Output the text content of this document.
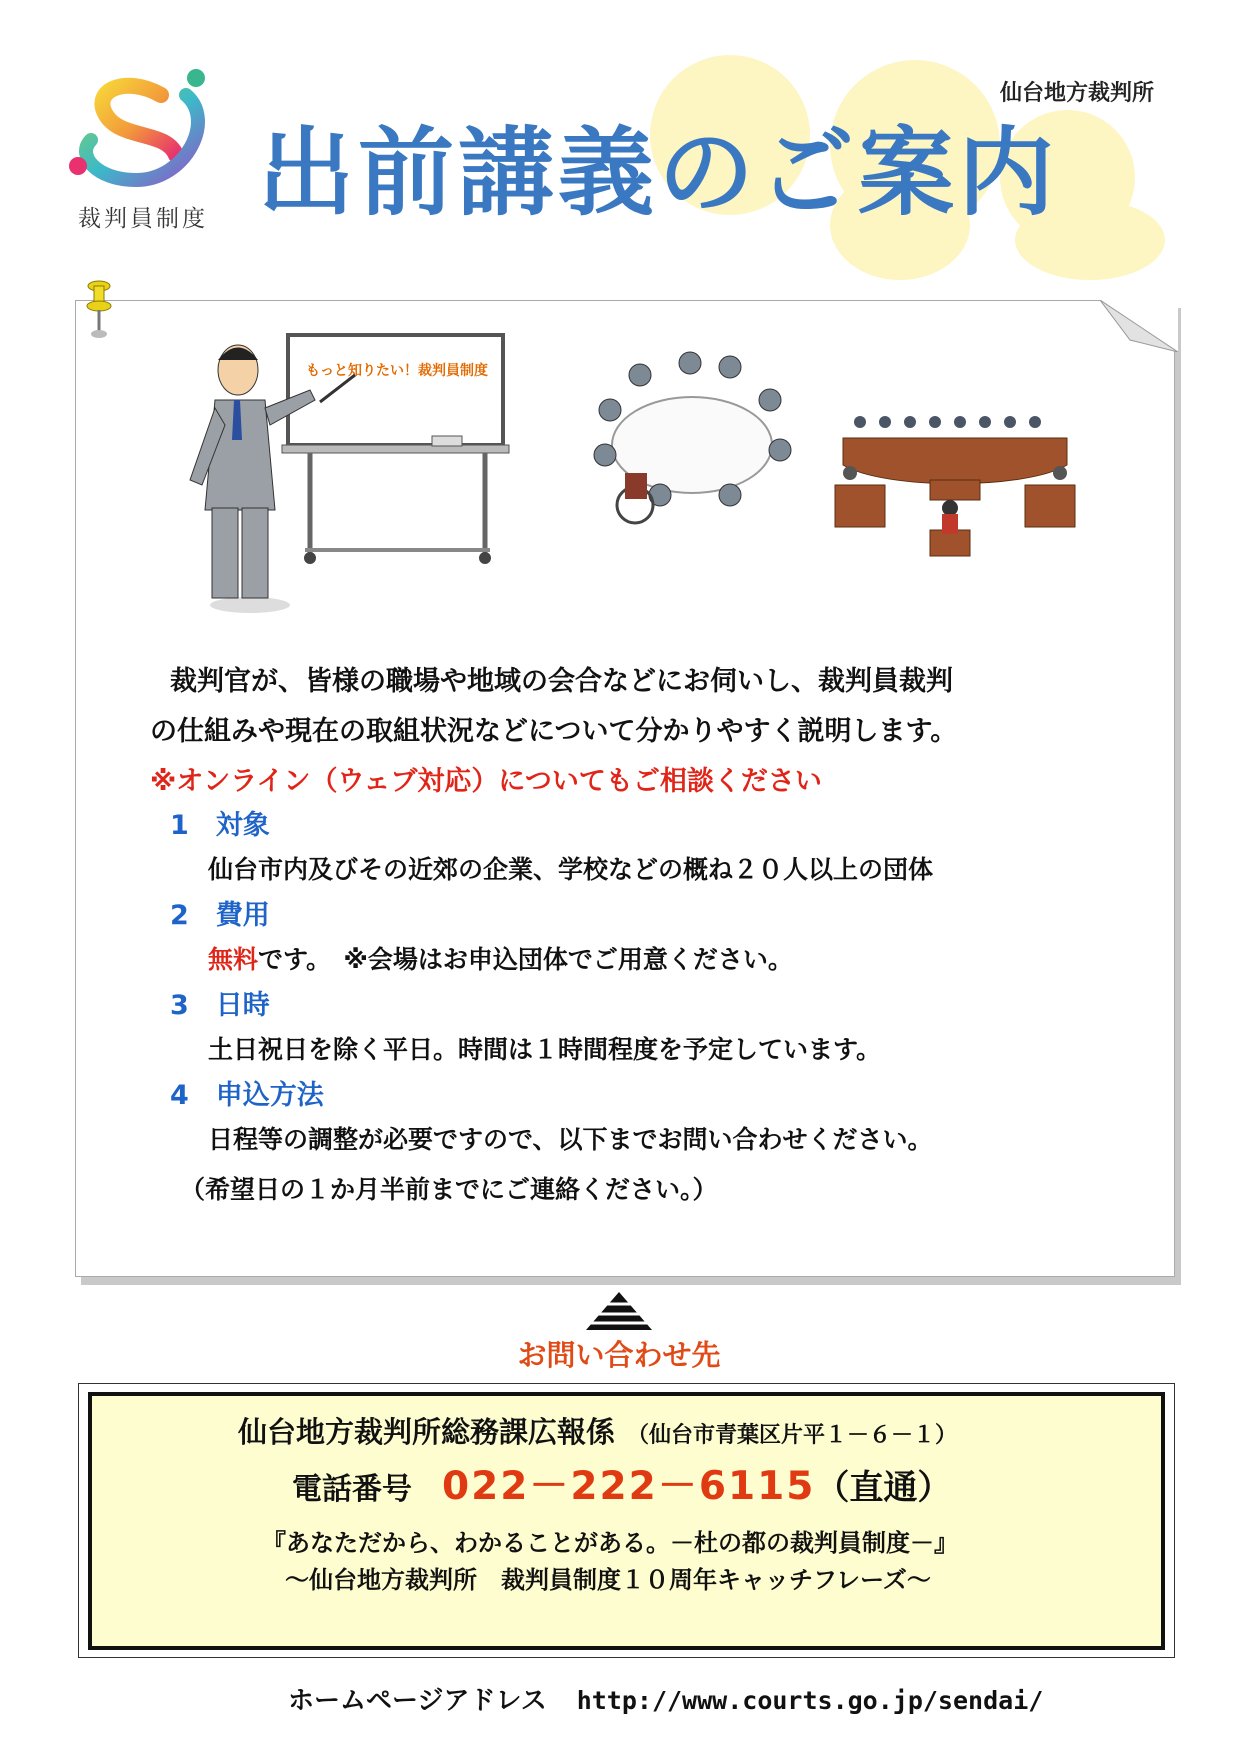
仙台地方裁判所
裁判員制度 出前講義のご案内
もっと知りたい！裁判員制度
裁判官が、皆様の職場や地域の会合などにお伺いし、裁判員裁判
の仕組みや現在の取組状況などについて分かりやすく説明します。
※オンライン（ウェブ対応）についてもご相談ください
1　 対象
仙台市内及びその近郊の企業、学校などの概ね２０人以上の団体
2　 費用
無料です。　※会場はお申込団体でご用意ください。
3　 日時
土日祝日を除く平日。時間は１時間程度を予定しています。
4　 申込方法
日程等の調整が必要ですので、以下までお問い合わせください。
（希望日の１か月半前までにご連絡ください。）
お問い合わせ先
仙台地方裁判所総務課広報係 （仙台市青葉区片平１－６－１）
電話番号 022－222－6115（直通）
『あなただから、わかることがある。－杜の都の裁判員制度－』
～仙台地方裁判所　裁判員制度１０周年キャッチフレーズ～
ホームページアドレス http://www.courts.go.jp/sendai/
